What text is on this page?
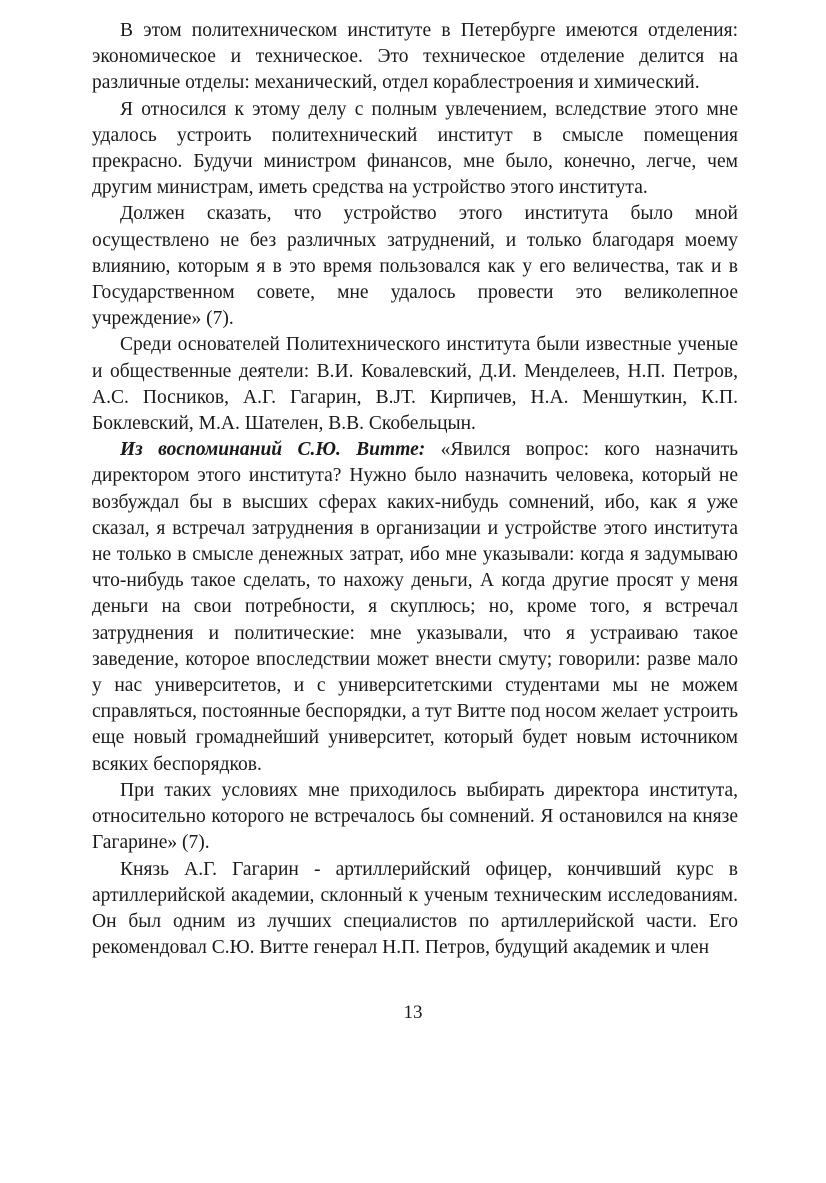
В этом политехническом институте в Петербурге имеются отделения: экономическое и техническое. Это техническое отделение делится на различные отделы: механический, отдел кораблестроения и химический.

Я относился к этому делу с полным увлечением, вследствие этого мне удалось устроить политехнический институт в смысле помещения прекрасно. Будучи министром финансов, мне было, конечно, легче, чем другим министрам, иметь средства на устройство этого института.

Должен сказать, что устройство этого института было мной осуществлено не без различных затруднений, и только благодаря моему влиянию, которым я в это время пользовался как у его величества, так и в Государственном совете, мне удалось провести это великолепное учреждение» (7).

Среди основателей Политехнического института были известные ученые и общественные деятели: В.И. Ковалевский, Д.И. Менделеев, Н.П. Петров, А.С. Посников, А.Г. Гагарин, В.JТ. Кирпичев, Н.А. Меншуткин, К.П. Боклевский, М.А. Шателен, В.В. Скобельцын.

Из воспоминаний С.Ю. Витте: «Явился вопрос: кого назначить директором этого института? Нужно было назначить человека, который не возбуждал бы в высших сферах каких-нибудь сомнений, ибо, как я уже сказал, я встречал затруднения в организации и устройстве этого института не только в смысле денежных затрат, ибо мне указывали: когда я задумываю что-нибудь такое сделать, то нахожу деньги, А когда другие просят у меня деньги на свои потребности, я скуплюсь; но, кроме того, я встречал затруднения и политические: мне указывали, что я устраиваю такое заведение, которое впоследствии может внести смуту; говорили: разве мало у нас университетов, и с университетскими студентами мы не можем справляться, постоянные беспорядки, а тут Витте под носом желает устроить еще новый громаднейший университет, который будет новым источником всяких беспорядков.

При таких условиях мне приходилось выбирать директора института, относительно которого не встречалось бы сомнений. Я остановился на князе Гагарине» (7).

Князь А.Г. Гагарин - артиллерийский офицер, кончивший курс в артиллерийской академии, склонный к ученым техническим исследованиям. Он был одним из лучших специалистов по артиллерийской части. Его рекомендовал С.Ю. Витте генерал Н.П. Петров, будущий академик и член

13
